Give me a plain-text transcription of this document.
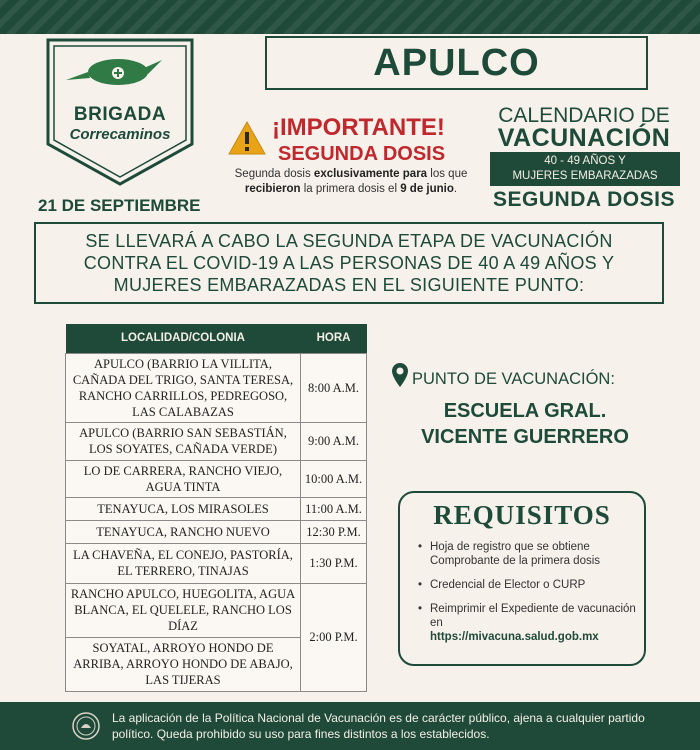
BRIGADA
Correcaminos
21 DE SEPTIEMBRE
APULCO
¡IMPORTANTE!
SEGUNDA DOSIS
Segunda dosis exclusivamente para los que
recibieron la primera dosis el 9 de junio.
CALENDARIO DE
VACUNACIÓN
40 - 49 AÑOS Y
MUJERES EMBARAZADAS
SEGUNDA DOSIS
SE LLEVARÁ A CABO LA SEGUNDA ETAPA DE VACUNACIÓN CONTRA EL COVID-19 A LAS PERSONAS DE 40 A 49 AÑOS Y MUJERES EMBARAZADAS EN EL SIGUIENTE PUNTO:
LOCALIDAD/COLONIA	HORA
APULCO (BARRIO LA VILLITA, CAÑADA DEL TRIGO, SANTA TERESA, RANCHO CARRILLOS, PEDREGOSO, LAS CALABAZAS	8:00 A.M.
APULCO (BARRIO SAN SEBASTIÁN, LOS SOYATES, CAÑADA VERDE)	9:00 A.M.
LO DE CARRERA, RANCHO VIEJO, AGUA TINTA	10:00 A.M.
TENAYUCA, LOS MIRASOLES	11:00 A.M.
TENAYUCA, RANCHO NUEVO	12:30 P.M.
LA CHAVEÑA, EL CONEJO, PASTORÍA, EL TERRERO, TINAJAS	1:30 P.M.
RANCHO APULCO, HUEGOLITA, AGUA BLANCA, EL QUELELE, RANCHO LOS DÍAZ	2:00 P.M.
SOYATAL, ARROYO HONDO DE ARRIBA, ARROYO HONDO DE ABAJO, LAS TIJERAS	
PUNTO DE VACUNACIÓN:
ESCUELA GRAL.
VICENTE GUERRERO
REQUISITOS
• Hoja de registro que se obtiene Comprobante de la primera dosis
• Credencial de Elector o CURP
• Reimprimir el Expediente de vacunación en
https://mivacuna.salud.gob.mx
La aplicación de la Política Nacional de Vacunación es de carácter público, ajena a cualquier partido político. Queda prohibido su uso para fines distintos a los establecidos.
